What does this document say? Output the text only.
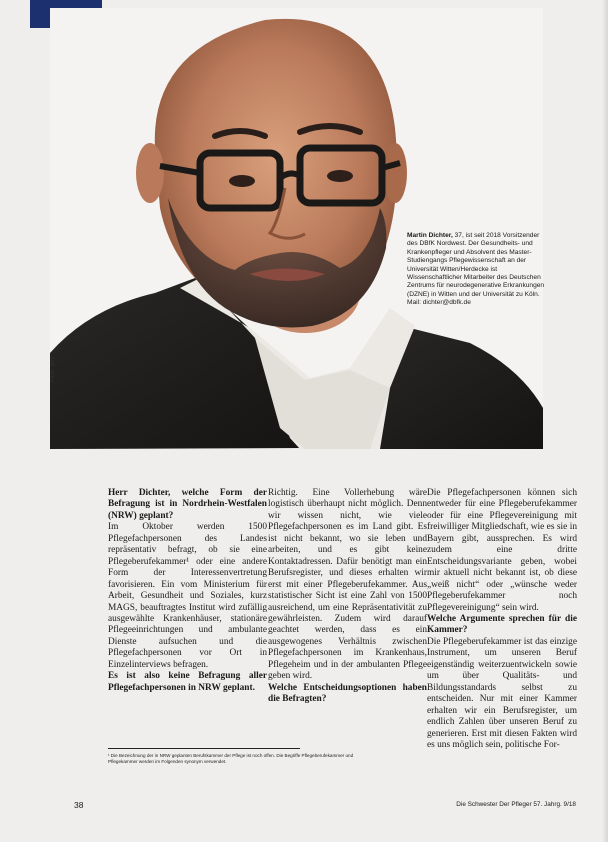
Foto: priv.
Martin Dichter, 37, ist seit 2018 Vorsitzender des DBfK Nordwest. Der Gesundheits- und Krankenpfleger und Absolvent des Master-Studiengangs Pflegewissenschaft an der Universität Witten/Herdecke ist Wissenschaftlicher Mitarbeiter des Deutschen Zentrums für neurodegenerative Erkrankungen (DZNE) in Witten und der Universität zu Köln. Mail: dichter@dbfk.de

Herr Dichter, welche Form der Befragung ist in Nordrhein-Westfalen (NRW) geplant?

Im Oktober werden 1500 Pflegefachpersonen des Landes repräsentativ befragt, ob sie eine Pflegeberufekammer¹ oder eine andere Form der Interessenvertretung favorisieren. Ein vom Ministerium für Arbeit, Gesundheit und Soziales, kurz MAGS, beauftragtes Institut wird zufällig ausgewählte Krankenhäuser, stationäre Pflegeeinrichtungen und ambulante Dienste aufsuchen und die Pflegefachpersonen vor Ort in Einzelinterviews befragen.

Es ist also keine Befragung aller Pflegefachpersonen in NRW geplant.

Richtig. Eine Vollerhebung wäre logistisch überhaupt nicht möglich. Denn wir wissen nicht, wie viele Pflegefachpersonen es im Land gibt. Es ist nicht bekannt, wo sie leben und arbeiten, und es gibt keine Kontaktadressen. Dafür benötigt man ein Berufsregister, und dieses erhalten wir erst mit einer Pflegeberufekammer. Aus statistischer Sicht ist eine Zahl von 1500 ausreichend, um eine Repräsentativität zu gewährleisten. Zudem wird darauf geachtet werden, dass es ein ausgewogenes Verhältnis zwischen Pflegefachpersonen im Krankenhaus, Pflegeheim und in der ambulanten Pflege geben wird.

Welche Entscheidungsoptionen haben die Befragten?

Die Pflegefachpersonen können sich entweder für eine Pflegeberufekammer oder für eine Pflegevereinigung mit freiwilliger Mitgliedschaft, wie es sie in Bayern gibt, aussprechen. Es wird zudem eine dritte Entscheidungsvariante geben, wobei mir aktuell nicht bekannt ist, ob diese „weiß nicht“ oder „wünsche weder Pflegeberufekammer noch Pflegevereinigung“ sein wird.

Welche Argumente sprechen für die Kammer?

Die Pflegeberufekammer ist das einzige Instrument, um unseren Beruf eigenständig weiterzuentwickeln sowie um über Qualitäts- und Bildungsstandards selbst zu entscheiden. Nur mit einer Kammer erhalten wir ein Berufsregister, um endlich Zahlen über unseren Beruf zu generieren. Erst mit diesen Fakten wird es uns möglich sein, politische For-

¹ Die Bezeichnung der in NRW geplanten Berufskammer der Pflege ist noch offen. Die Begriffe Pflegeberufekammer und Pflegekammer werden im Folgenden synonym verwendet.
38	Die Schwester Der Pfleger 57. Jahrg. 9/18
